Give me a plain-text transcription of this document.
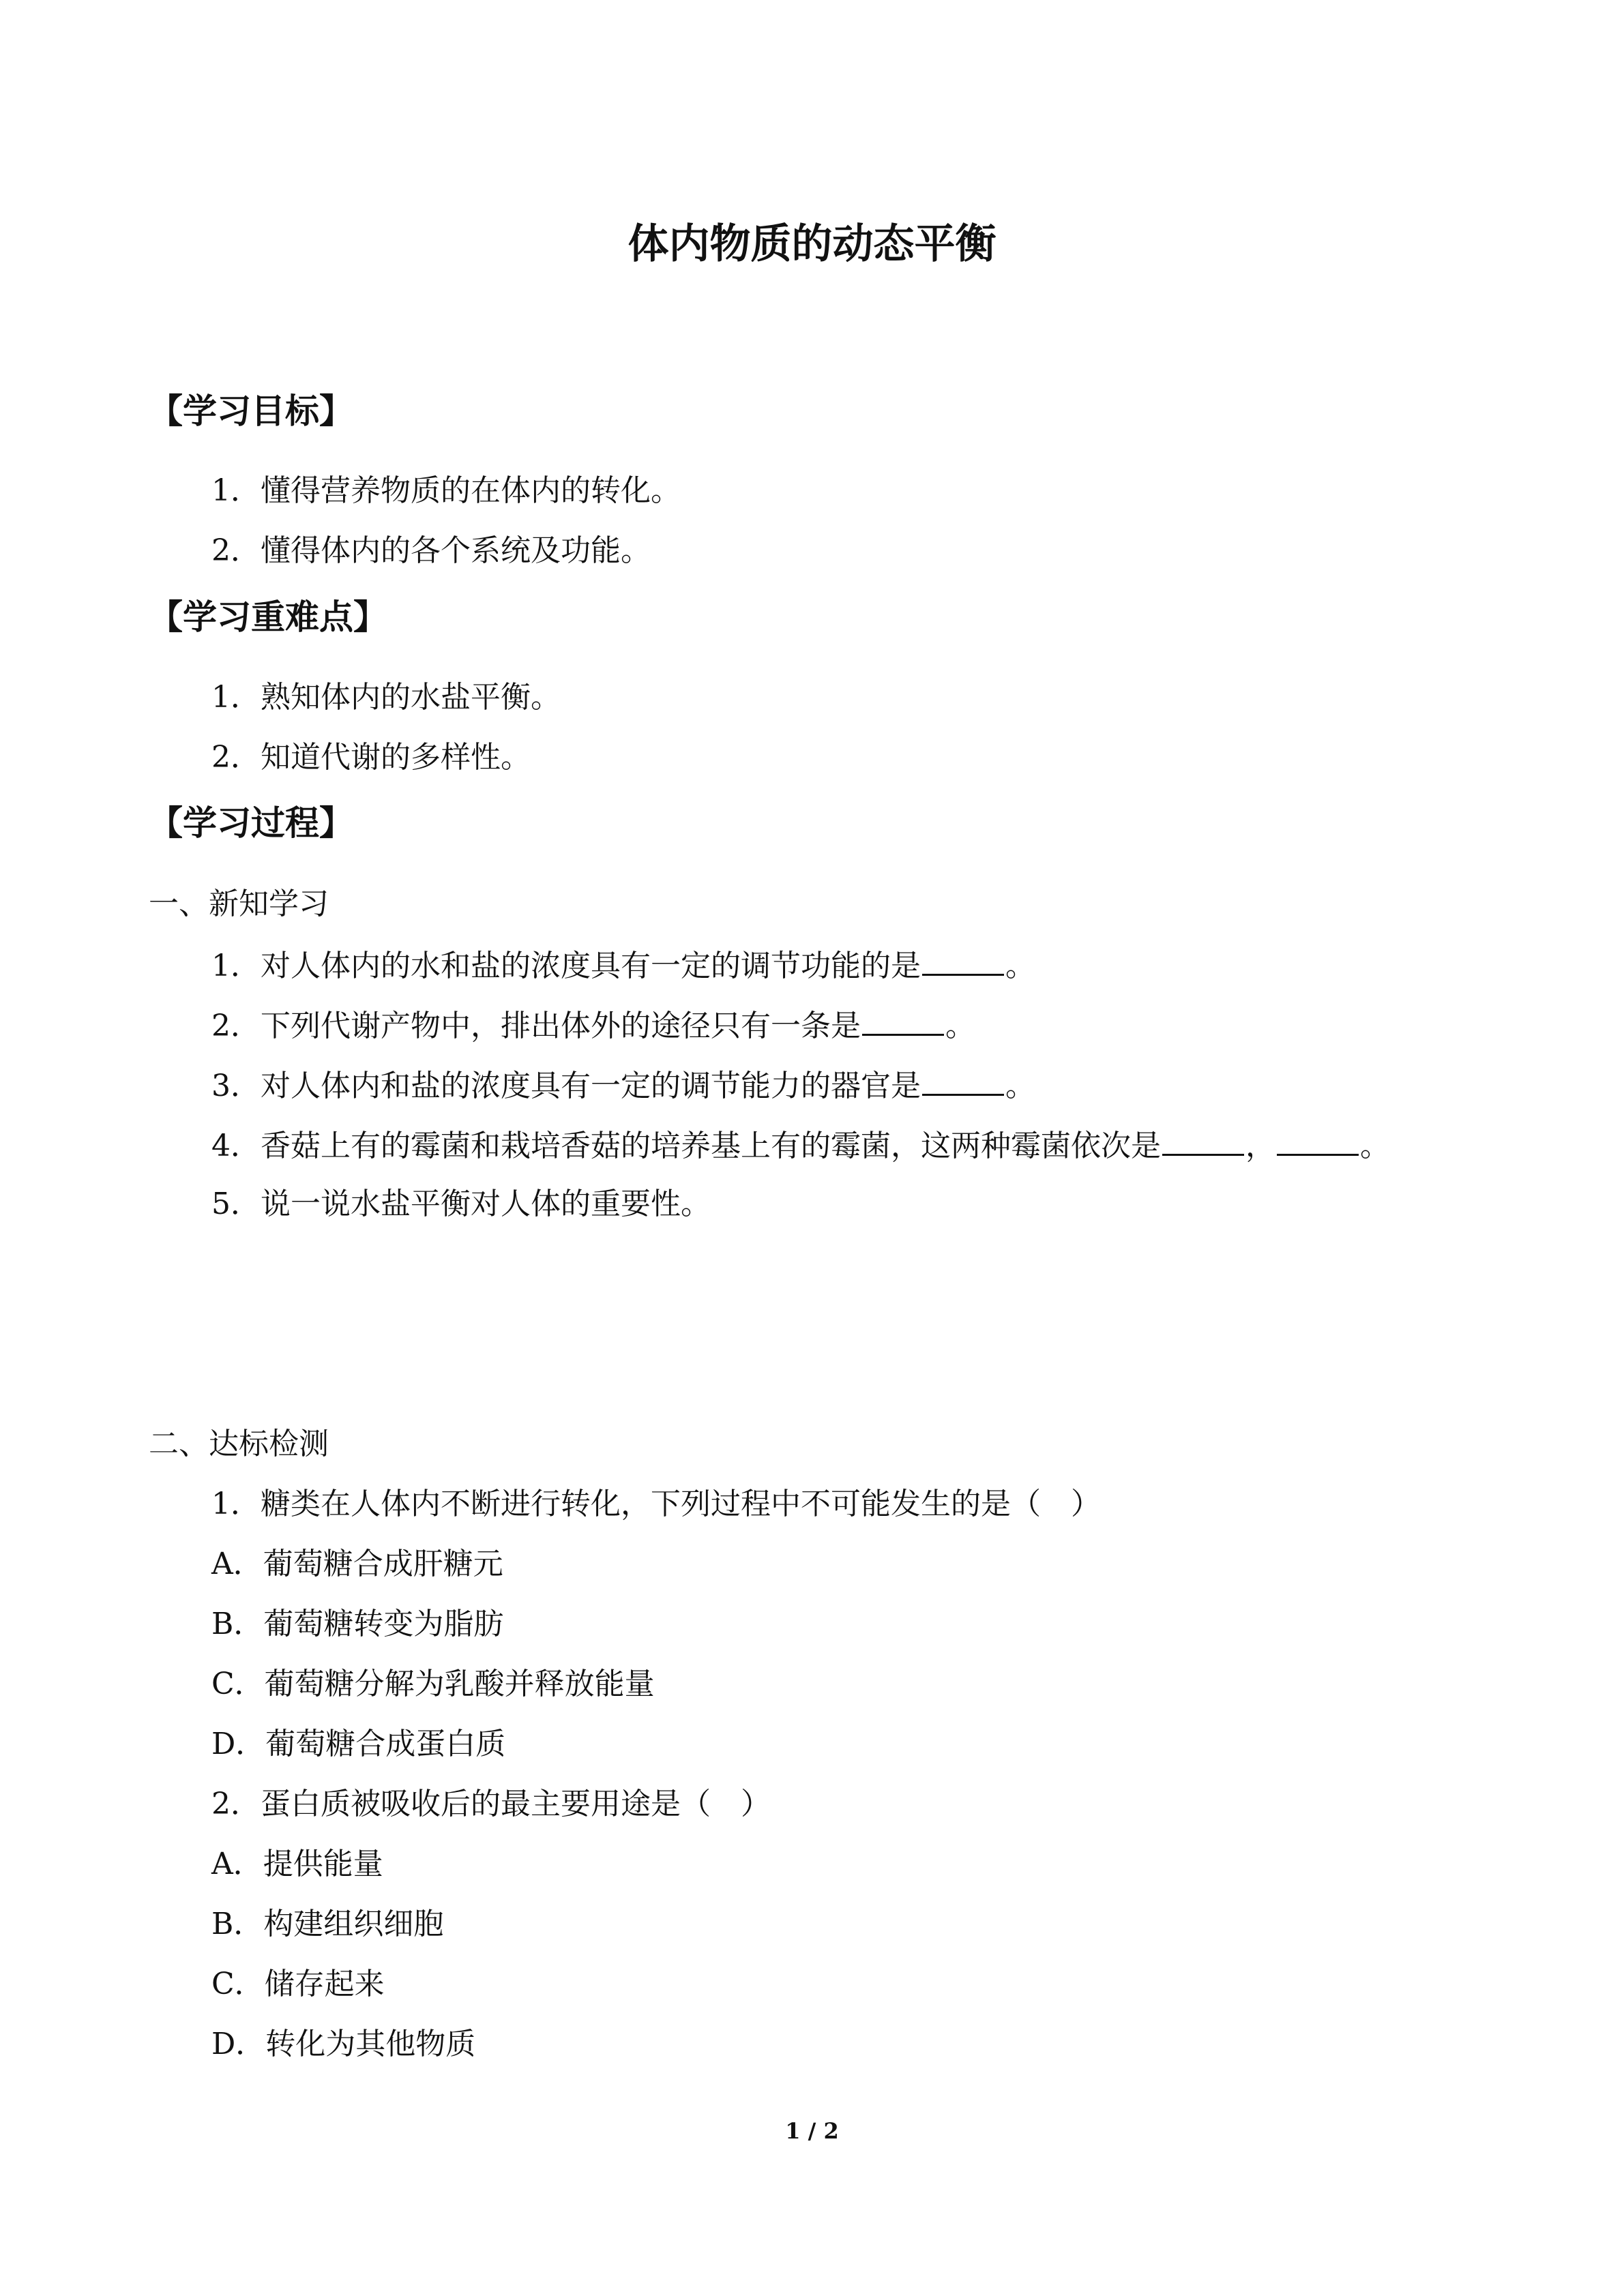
体内物质的动态平衡
【学习目标】

1．懂得营养物质的在体内的转化。

2．懂得体内的各个系统及功能。

【学习重难点】

1．熟知体内的水盐平衡。

2．知道代谢的多样性。

【学习过程】

一、新知学习

1．对人体内的水和盐的浓度具有一定的调节功能的是	。

2．下列代谢产物中，排出体外的途径只有一条是	。

3．对人体内和盐的浓度具有一定的调节能力的器官是	。

4．香菇上有的霉菌和栽培香菇的培养基上有的霉菌，这两种霉菌依次是	，	。

5．说一说水盐平衡对人体的重要性。

二、达标检测

1．糖类在人体内不断进行转化，下列过程中不可能发生的是（　）

A．葡萄糖合成肝糖元

B．葡萄糖转变为脂肪

C．葡萄糖分解为乳酸并释放能量

D．葡萄糖合成蛋白质

2．蛋白质被吸收后的最主要用途是（　）

A．提供能量

B．构建组织细胞

C．储存起来

D．转化为其他物质

1 / 2
